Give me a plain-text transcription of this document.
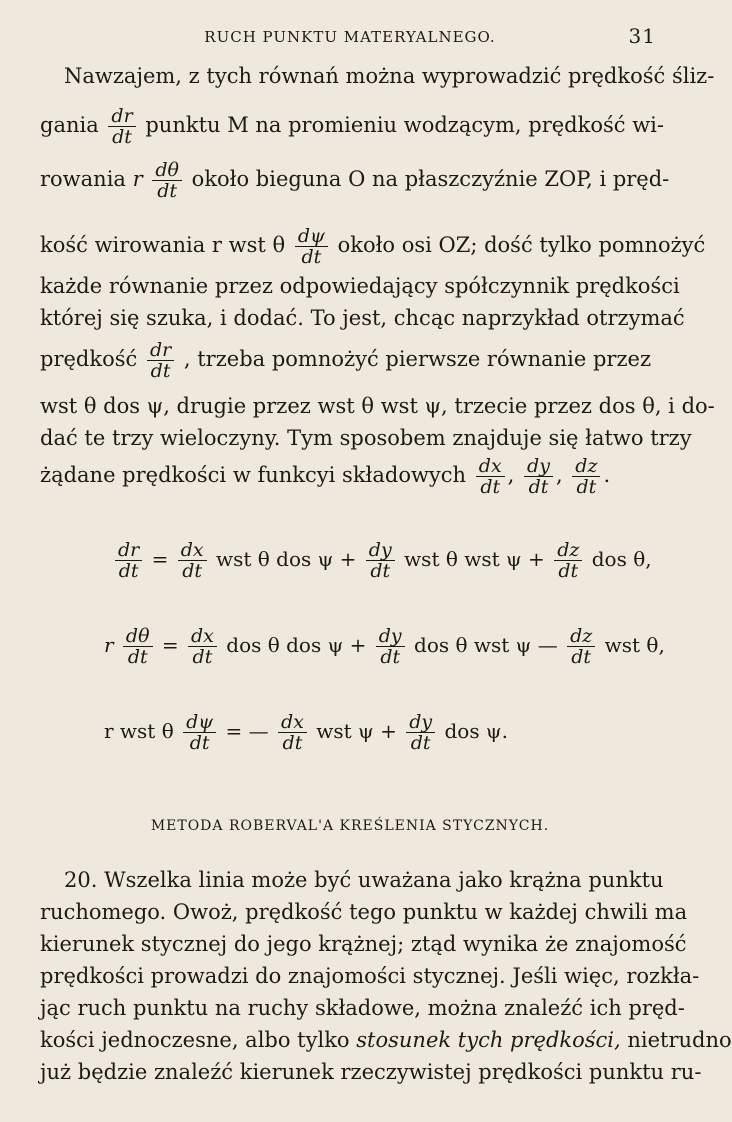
RUCH PUNKTU MATERYALNEGO.	31
Nawzajem, z tych równań można wyprowadzić prędkość śliz-
gania $\frac{dr}{dt}$ punktu M na promieniu wodzącym, prędkość wi-
rowania r $\frac{d\theta}{dt}$ około bieguna O na płaszczyźnie ZOP, i pręd-
kość wirowania r wst θ $\frac{d\psi}{dt}$ około osi OZ; dość tylko pomnożyć
każde równanie przez odpowiedający spółczynnik prędkości
której się szuka, i dodać. To jest, chcąc naprzykład otrzymać
prędkość $\frac{dr}{dt}$ , trzeba pomnożyć pierwsze równanie przez
wst θ dos ψ, drugie przez wst θ wst ψ, trzecie przez dos θ, i do-
dać te trzy wieloczyny. Tym sposobem znajduje się łatwo trzy
żądane prędkości w funkcyi składowych $\frac{dx}{dt}$ , $\frac{dy}{dt}$ , $\frac{dz}{dt}$ .
$\frac{dr}{dt} = \frac{dx}{dt}$ wst θ dos $\psi + \frac{dy}{dt}$ wst θ wst $\psi + \frac{dz}{dt}$ dos θ,
r $\frac{d\theta}{dt} = \frac{dx}{dt}$ dos θ dos $\psi + \frac{dy}{dt}$ dos θ wst ψ — $\frac{dz}{dt}$ wst θ,
r wst θ $\frac{d\psi}{dt}$ = — $\frac{dx}{dt}$ wst $\psi + \frac{dy}{dt}$ dos ψ.
METODA ROBERVAL'A KREŚLENIA STYCZNYCH.
20. Wszelka linia może być uważana jako krążna punktu
ruchomego. Owoż, prędkość tego punktu w każdej chwili ma
kierunek stycznej do jego krążnej; ztąd wynika że znajomość
prędkości prowadzi do znajomości stycznej. Jeśli więc, rozkła-
jąc ruch punktu na ruchy składowe, można znaleźć ich pręd-
kości jednoczesne, albo tylko stosunek tych prędkości, nietrudno
już będzie znaleźć kierunek rzeczywistej prędkości punktu ru-
